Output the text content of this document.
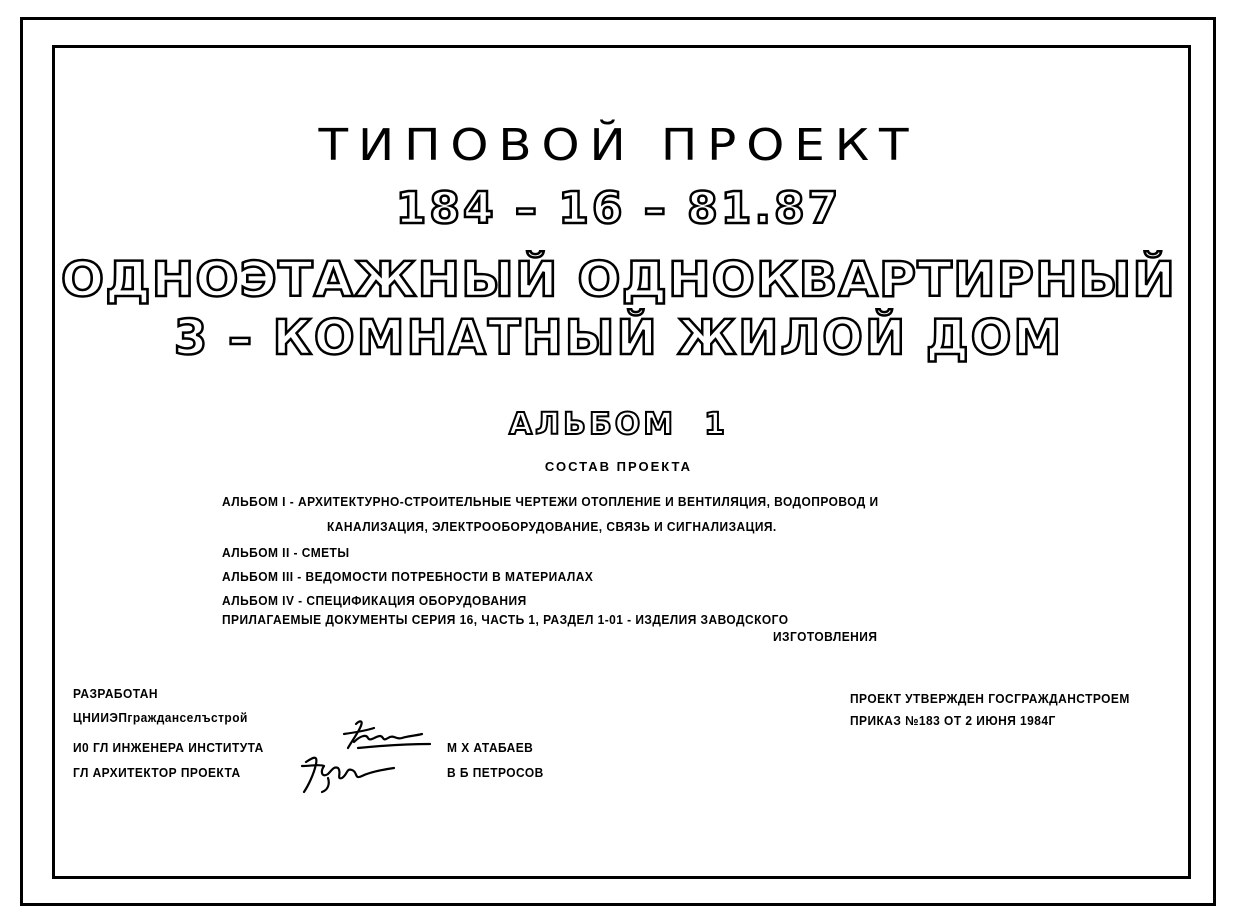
ТИПОВОЙ ПРОЕКТ
184 – 16 – 81.87
ОДНОЭТАЖНЫЙ ОДНОКВАРТИРНЫЙ
3 – КОМНАТНЫЙ ЖИЛОЙ ДОМ
АЛЬБОМ 1
СОСТАВ ПРОЕКТА
АЛЬБОМ I - АРХИТЕКТУРНО-СТРОИТЕЛЬНЫЕ ЧЕРТЕЖИ ОТОПЛЕНИЕ И ВЕНТИЛЯЦИЯ, ВОДОПРОВОД И
КАНАЛИЗАЦИЯ, ЭЛЕКТРООБОРУДОВАНИЕ, СВЯЗЬ И СИГНАЛИЗАЦИЯ.
АЛЬБОМ II - СМЕТЫ
АЛЬБОМ III - ВЕДОМОСТИ ПОТРЕБНОСТИ В МАТЕРИАЛАХ
АЛЬБОМ IV - СПЕЦИФИКАЦИЯ ОБОРУДОВАНИЯ
ПРИЛАГАЕМЫЕ ДОКУМЕНТЫ СЕРИЯ 16, ЧАСТЬ 1, РАЗДЕЛ 1-01 - ИЗДЕЛИЯ ЗАВОДСКОГО
ИЗГОТОВЛЕНИЯ
РАЗРАБОТАН
ЦНИИЭПгражданселъстрой
И0 ГЛ ИНЖЕНЕРА ИНСТИТУТА
ГЛ АРХИТЕКТОР ПРОЕКТА
М Х АТАБАЕВ
В Б ПЕТРОСОВ
ПРОЕКТ УТВЕРЖДЕН ГОСГРАЖДАНСТРОЕМ
ПРИКАЗ №183 ОТ 2 ИЮНЯ 1984Г
